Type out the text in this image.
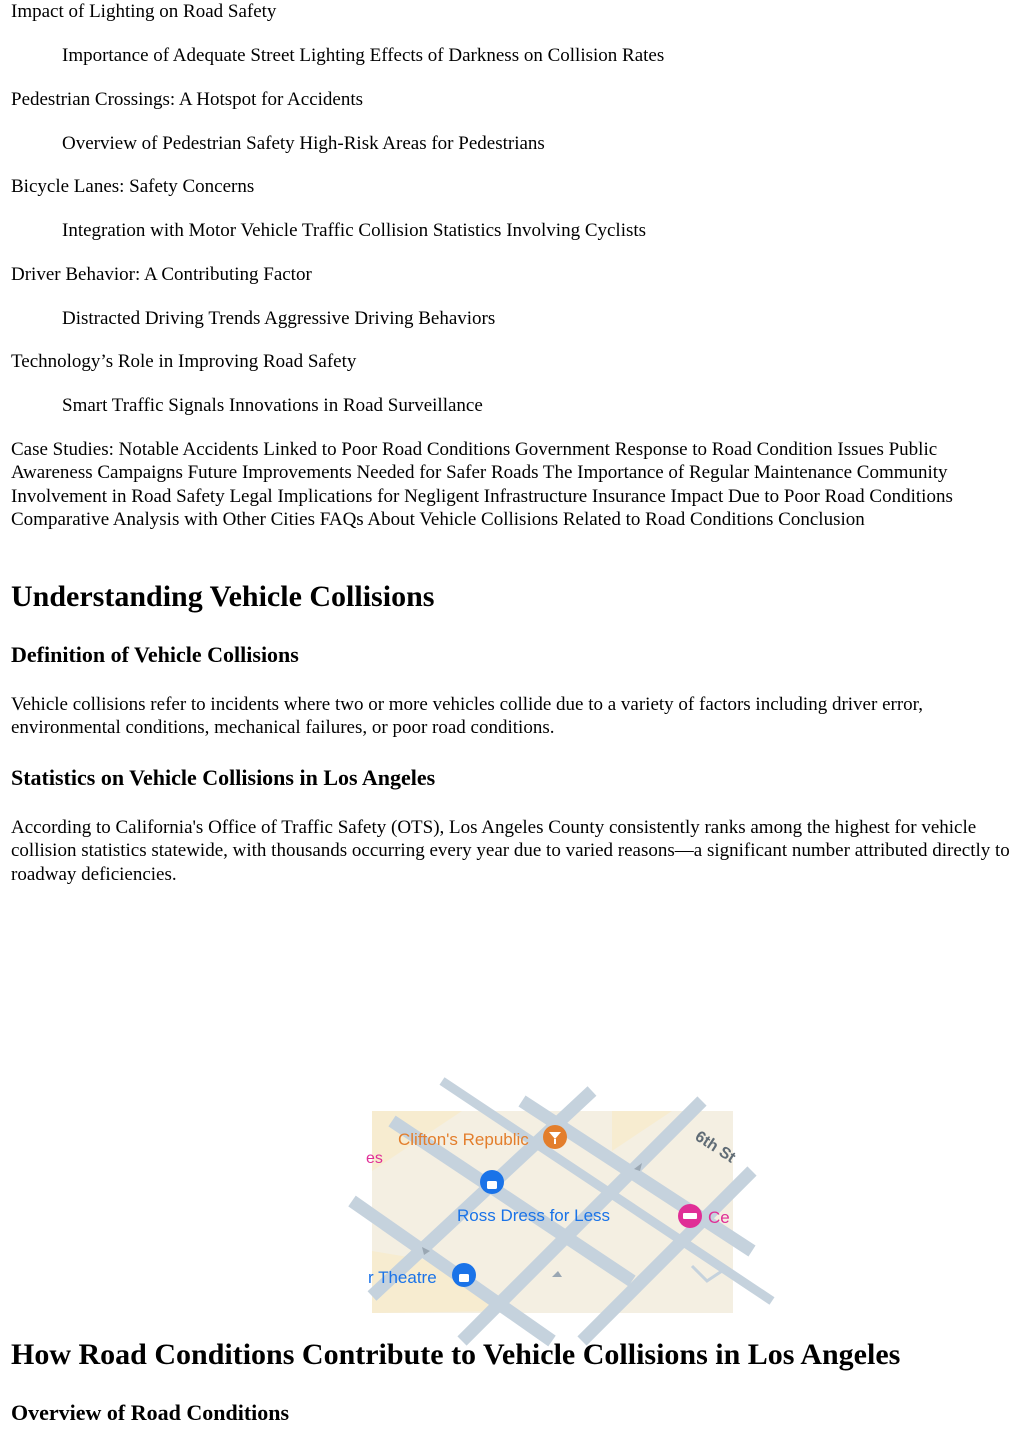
Impact of Lighting on Road Safety
Importance of Adequate Street Lighting Effects of Darkness on Collision Rates
Pedestrian Crossings: A Hotspot for Accidents
Overview of Pedestrian Safety High-Risk Areas for Pedestrians
Bicycle Lanes: Safety Concerns
Integration with Motor Vehicle Traffic Collision Statistics Involving Cyclists
Driver Behavior: A Contributing Factor
Distracted Driving Trends Aggressive Driving Behaviors
Technology’s Role in Improving Road Safety
Smart Traffic Signals Innovations in Road Surveillance
Case Studies: Notable Accidents Linked to Poor Road Conditions Government Response to Road Condition Issues Public Awareness Campaigns Future Improvements Needed for Safer Roads The Importance of Regular Maintenance Community Involvement in Road Safety Legal Implications for Negligent Infrastructure Insurance Impact Due to Poor Road Conditions Comparative Analysis with Other Cities FAQs About Vehicle Collisions Related to Road Conditions Conclusion
Understanding Vehicle Collisions
Definition of Vehicle Collisions
Vehicle collisions refer to incidents where two or more vehicles collide due to a variety of factors including driver error, environmental conditions, mechanical failures, or poor road conditions.
Statistics on Vehicle Collisions in Los Angeles
According to California's Office of Traffic Safety (OTS), Los Angeles County consistently ranks among the highest for vehicle collision statistics statewide, with thousands occurring every year due to varied reasons—a significant number attributed directly to roadway deficiencies.
Clifton's Republic
es
Ross Dress for Less	Ce
r Theatre
6th St
How Road Conditions Contribute to Vehicle Collisions in Los Angeles
Overview of Road Conditions
